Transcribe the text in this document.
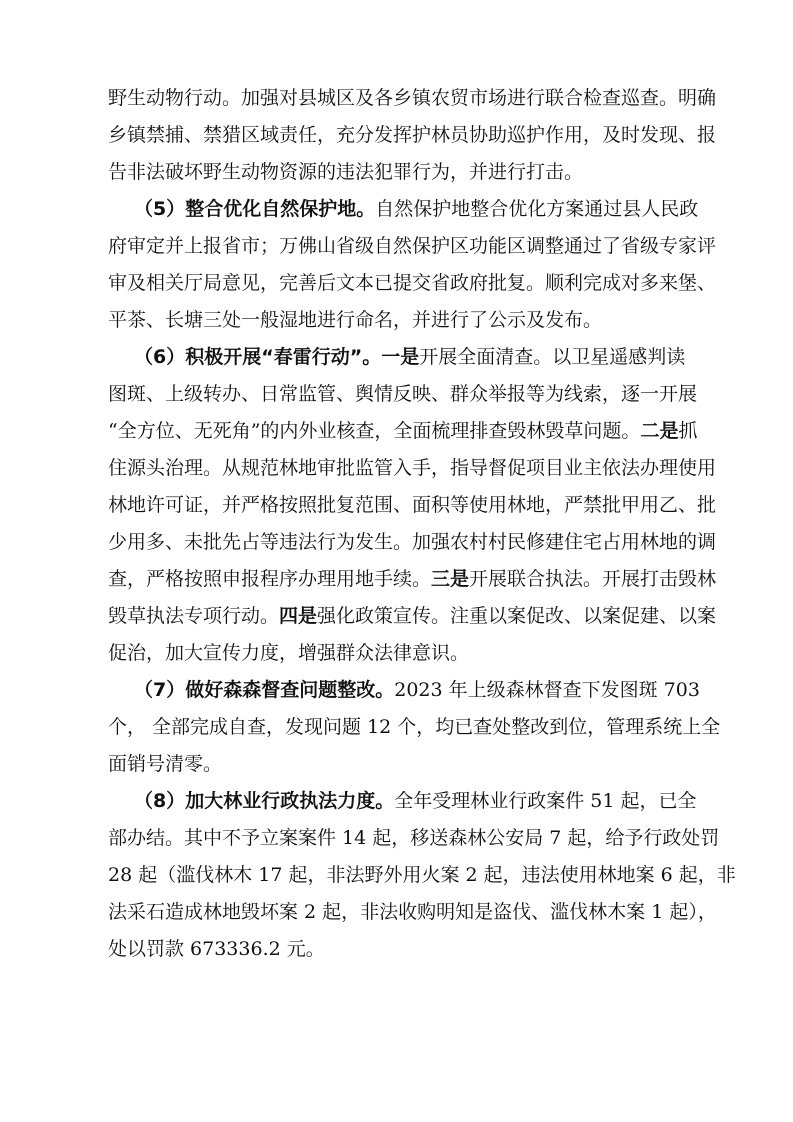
野生动物行动。加强对县城区及各乡镇农贸市场进行联合检查巡查。明确
乡镇禁捕、禁猎区域责任，充分发挥护林员协助巡护作用，及时发现、报
告非法破坏野生动物资源的违法犯罪行为，并进行打击。
（5）整合优化自然保护地。自然保护地整合优化方案通过县人民政
府审定并上报省市；万佛山省级自然保护区功能区调整通过了省级专家评
审及相关厅局意见，完善后文本已提交省政府批复。顺利完成对多来堡、
平茶、长塘三处一般湿地进行命名，并进行了公示及发布。
（6）积极开展“春雷行动”。一是开展全面清查。以卫星遥感判读
图斑、上级转办、日常监管、舆情反映、群众举报等为线索，逐一开展
“全方位、无死角”的内外业核查，全面梳理排查毁林毁草问题。二是抓
住源头治理。从规范林地审批监管入手，指导督促项目业主依法办理使用
林地许可证，并严格按照批复范围、面积等使用林地，严禁批甲用乙、批
少用多、未批先占等违法行为发生。加强农村村民修建住宅占用林地的调
查，严格按照申报程序办理用地手续。三是开展联合执法。开展打击毁林
毁草执法专项行动。四是强化政策宣传。注重以案促改、以案促建、以案
促治，加大宣传力度，增强群众法律意识。
（7）做好森森督查问题整改。2023 年上级森林督查下发图斑 703
个， 全部完成自查，发现问题 12 个，均已查处整改到位，管理系统上全
面销号清零。
（8）加大林业行政执法力度。全年受理林业行政案件 51 起，已全
部办结。其中不予立案案件 14 起，移送森林公安局 7 起，给予行政处罚
28 起（滥伐林木 17 起，非法野外用火案 2 起，违法使用林地案 6 起，非
法采石造成林地毁坏案 2 起，非法收购明知是盗伐、滥伐林木案 1 起），
处以罚款 673336.2 元。
